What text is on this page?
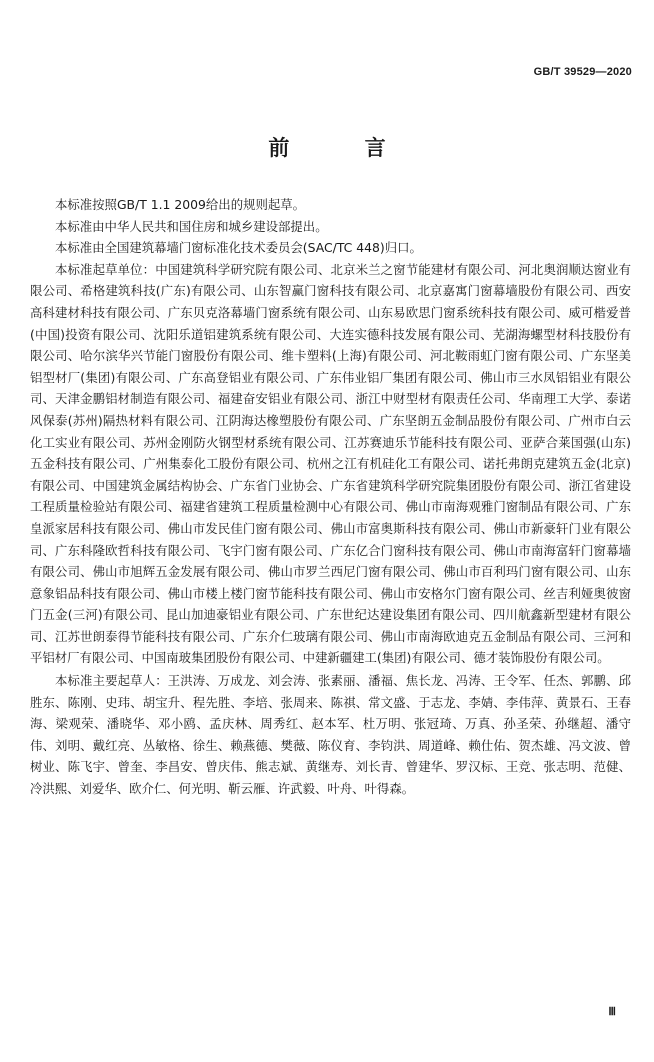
GB/T 39529—2020
前 言

本标准按照GB/T 1.1 2009给出的规则起草。

本标准由中华人民共和国住房和城乡建设部提出。

本标准由全国建筑幕墙门窗标准化技术委员会(SAC/TC 448)归口。

本标准起草单位：中国建筑科学研究院有限公司、北京米兰之窗节能建材有限公司、河北奥润顺达窗业有限公司、希格建筑科技(广东)有限公司、山东智赢门窗科技有限公司、北京嘉寓门窗幕墙股份有限公司、西安高科建材科技有限公司、广东贝克洛幕墙门窗系统有限公司、山东易欧思门窗系统科技有限公司、威可楷爱普(中国)投资有限公司、沈阳乐道铝建筑系统有限公司、大连实德科技发展有限公司、芜湖海螺型材科技股份有限公司、哈尔滨华兴节能门窗股份有限公司、维卡塑料(上海)有限公司、河北鞍雨虹门窗有限公司、广东坚美铝型材厂(集团)有限公司、广东高登铝业有限公司、广东伟业铝厂集团有限公司、佛山市三水凤铝铝业有限公司、天津金鹏铝材制造有限公司、福建奋安铝业有限公司、浙江中财型材有限责任公司、华南理工大学、泰诺风保泰(苏州)隔热材料有限公司、江阴海达橡塑股份有限公司、广东坚朗五金制品股份有限公司、广州市白云化工实业有限公司、苏州金刚防火钢型材系统有限公司、江苏赛迪乐节能科技有限公司、亚萨合莱国强(山东)五金科技有限公司、广州集泰化工股份有限公司、杭州之江有机硅化工有限公司、诺托弗朗克建筑五金(北京)有限公司、中国建筑金属结构协会、广东省门业协会、广东省建筑科学研究院集团股份有限公司、浙江省建设工程质量检验站有限公司、福建省建筑工程质量检测中心有限公司、佛山市南海观雅门窗制品有限公司、广东皇派家居科技有限公司、佛山市发民佳门窗有限公司、佛山市富奥斯科技有限公司、佛山市新豪轩门业有限公司、广东科隆欧哲科技有限公司、飞宇门窗有限公司、广东亿合门窗科技有限公司、佛山市南海富轩门窗幕墙有限公司、佛山市旭辉五金发展有限公司、佛山市罗兰西尼门窗有限公司、佛山市百利玛门窗有限公司、山东意象铝品科技有限公司、佛山市楼上楼门窗节能科技有限公司、佛山市安格尔门窗有限公司、丝吉利娅奥彼窗门五金(三河)有限公司、昆山加迪豪铝业有限公司、广东世纪达建设集团有限公司、四川航鑫新型建材有限公司、江苏世朗泰得节能科技有限公司、广东介仁玻璃有限公司、佛山市南海欧迪克五金制品有限公司、三河和平铝材厂有限公司、中国南玻集团股份有限公司、中建新疆建工(集团)有限公司、德才装饰股份有限公司。

本标准主要起草人：王洪涛、万成龙、刘会涛、张素丽、潘福、焦长龙、冯涛、王令军、任杰、郭鹏、邱胜东、陈刚、史玮、胡宝升、程先胜、李培、张周来、陈祺、常文盛、于志龙、李婧、李伟萍、黄景石、王春海、梁观荣、潘晓华、邓小鸥、孟庆林、周秀红、赵本军、杜万明、张冠琦、万真、孙圣荣、孙继超、潘守伟、刘明、戴红亮、丛敏格、徐生、赖燕德、樊薇、陈仪育、李钧洪、周道峰、赖仕佑、贺杰雄、冯文波、曾树业、陈飞宇、曾奎、李昌安、曾庆伟、熊志斌、黄继寿、刘长青、曾建华、罗汉标、王竞、张志明、范健、冷洪熙、刘爱华、欧介仁、何光明、靳云雁、许武毅、叶舟、叶得森。

Ⅲ
